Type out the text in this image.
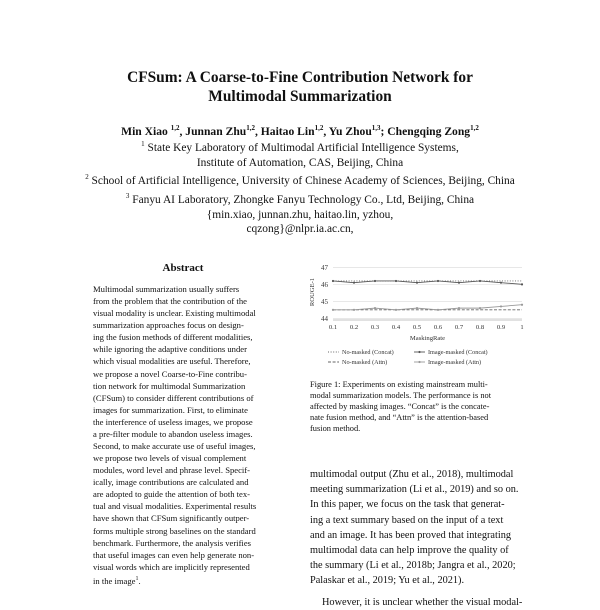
CFSum: A Coarse-to-Fine Contribution Network for
Multimodal Summarization
Min Xiao $^{1,2}$, Junnan Zhu$^{1,2}$, Haitao Lin$^{1,2}$, Yu Zhou$^{1,3}$; Chengqing Zong$^{1,2}$
$^1$ State Key Laboratory of Multimodal Artificial Intelligence Systems,
Institute of Automation, CAS, Beijing, China
$^2$ School of Artificial Intelligence, University of Chinese Academy of Sciences, Beijing, China
$^3$ Fanyu AI Laboratory, Zhongke Fanyu Technology Co., Ltd, Beijing, China
{min.xiao, junnan.zhu, haitao.lin, yzhou,
cqzong}@nlpr.ia.ac.cn,
Abstract
Multimodal summarization usually suffers
from the problem that the contribution of the
visual modality is unclear. Existing multimodal
summarization approaches focus on design-
ing the fusion methods of different modalities,
while ignoring the adaptive conditions under
which visual modalities are useful. Therefore,
we propose a novel Coarse-to-Fine contribu-
tion network for multimodal Summarization
(CFSum) to consider different contributions of
images for summarization. First, to eliminate
the interference of useless images, we propose
a pre-filter module to abandon useless images.
Second, to make accurate use of useful images,
we propose two levels of visual complement
modules, word level and phrase level. Specif-
ically, image contributions are calculated and
are adopted to guide the attention of both tex-
tual and visual modalities. Experimental results
have shown that CFSum significantly outper-
forms multiple strong baselines on the standard
benchmark. Furthermore, the analysis verifies
that useful images can even help generate non-
visual words which are implicitly represented
in the image$^1$.
44
45
46
47
0.1 0.2 0.3 0.4 0.5 0.6 0.7 0.8 0.9 1
MaskingRate
ROUGE-1
No-masked (Concat)	Image-masked (Concat)
No-masked (Attn)	Image-masked (Attn)
Figure 1: Experiments on existing mainstream multi-
modal summarization models. The performance is not
affected by masking images. “Concat” is the concate-
nate fusion method, and “Attn” is the attention-based
fusion method.
multimodal output (Zhu et al., 2018), multimodal
meeting summarization (Li et al., 2019) and so on.
In this paper, we focus on the task that generat-
ing a text summary based on the input of a text
and an image. It has been proved that integrating
multimodal data can help improve the quality of
the summary (Li et al., 2018b; Jangra et al., 2020;
Palaskar et al., 2019; Yu et al., 2021).
However, it is unclear whether the visual modal-
